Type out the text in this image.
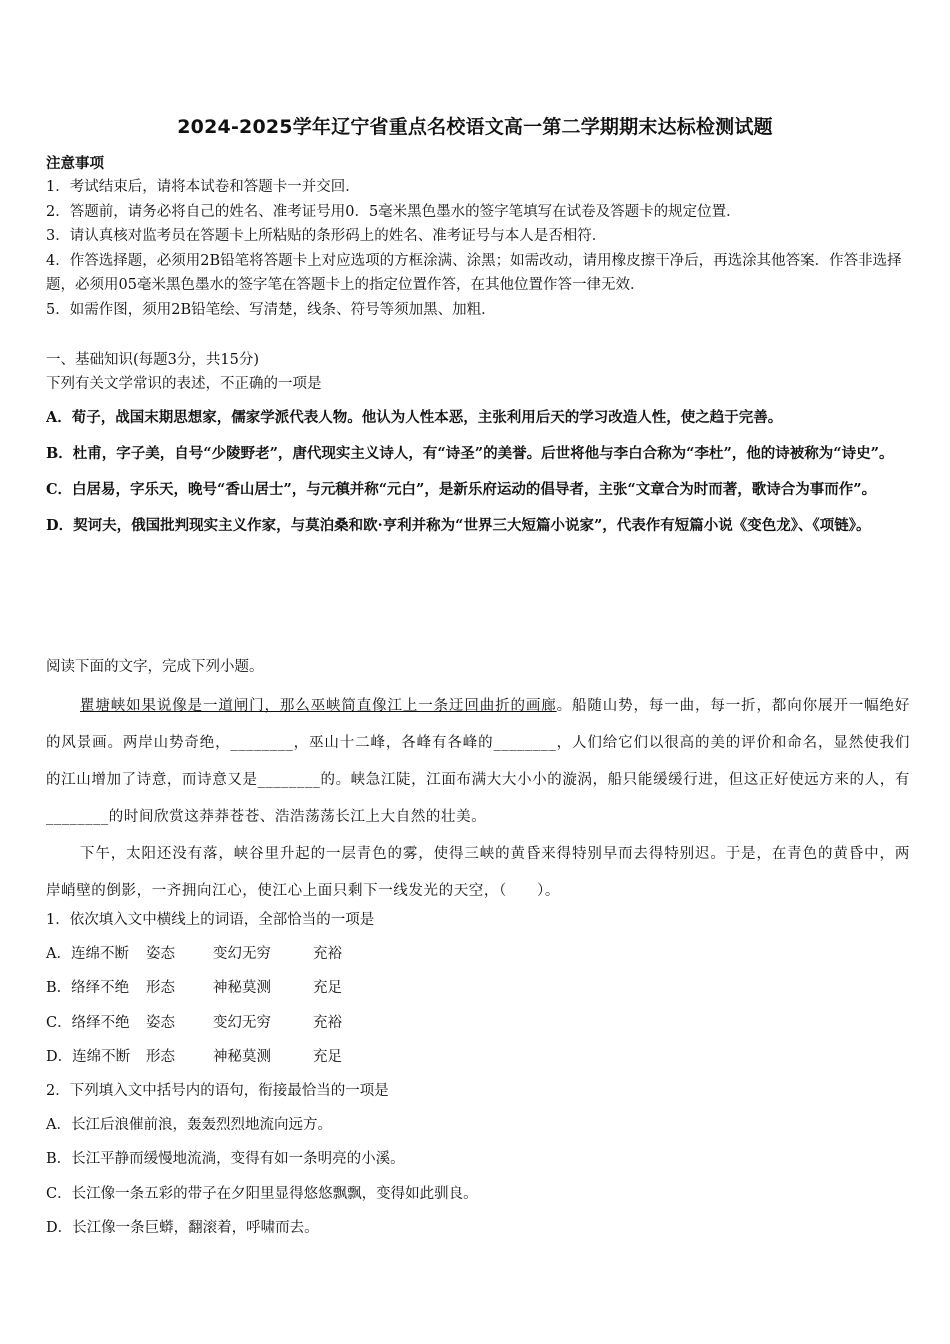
2024-2025学年辽宁省重点名校语文高一第二学期期末达标检测试题
注意事项

1．考试结束后，请将本试卷和答题卡一并交回．

2．答题前，请务必将自己的姓名、准考证号用0．5毫米黑色墨水的签字笔填写在试卷及答题卡的规定位置．

3．请认真核对监考员在答题卡上所粘贴的条形码上的姓名、准考证号与本人是否相符．

4．作答选择题，必须用2B铅笔将答题卡上对应选项的方框涂满、涂黑；如需改动，请用橡皮擦干净后，再选涂其他答案．作答非选择题，必须用05毫米黑色墨水的签字笔在答题卡上的指定位置作答，在其他位置作答一律无效．

5．如需作图，须用2B铅笔绘、写清楚，线条、符号等须加黑、加粗．

一、基础知识(每题3分，共15分)
下列有关文学常识的表述，不正确的一项是

A．荀子，战国末期思想家，儒家学派代表人物。他认为人性本恶，主张利用后天的学习改造人性，使之趋于完善。

B．杜甫，字子美，自号“少陵野老”，唐代现实主义诗人，有“诗圣”的美誉。后世将他与李白合称为“李杜”，他的诗被称为“诗史”。

C．白居易，字乐天，晚号“香山居士”，与元稹并称“元白”，是新乐府运动的倡导者，主张“文章合为时而著，歌诗合为事而作”。

D．契诃夫，俄国批判现实主义作家，与莫泊桑和欧·亨利并称为“世界三大短篇小说家”，代表作有短篇小说《变色龙》、《项链》。

阅读下面的文字，完成下列小题。

瞿塘峡如果说像是一道闸门，那么巫峡简直像江上一条迂回曲折的画廊。船随山势，每一曲，每一折，都向你展开一幅绝好的风景画。两岸山势奇绝，________，巫山十二峰，各峰有各峰的________，人们给它们以很高的美的评价和命名，显然使我们的江山增加了诗意，而诗意又是________的。峡急江陡，江面布满大大小小的漩涡，船只能缓缓行进，但这正好使远方来的人，有________的时间欣赏这莽莽苍苍、浩浩荡荡长江上大自然的壮美。

下午，太阳还没有落，峡谷里升起的一层青色的雾，使得三峡的黄昏来得特别早而去得特别迟。于是，在青色的黄昏中，两岸峭壁的倒影，一齐拥向江心，使江心上面只剩下一线发光的天空，（　　）。

1．依次填入文中横线上的词语，全部恰当的一项是

A．连绵不断 姿态	变幻无穷	充裕

B．络绎不绝 形态	神秘莫测	充足

C．络绎不绝 姿态	变幻无穷	充裕

D．连绵不断 形态	神秘莫测	充足

2．下列填入文中括号内的语句，衔接最恰当的一项是

A．长江后浪催前浪，轰轰烈烈地流向远方。

B．长江平静而缓慢地流淌，变得有如一条明亮的小溪。

C．长江像一条五彩的带子在夕阳里显得悠悠飘飘，变得如此驯良。

D．长江像一条巨蟒，翻滚着，呼啸而去。
